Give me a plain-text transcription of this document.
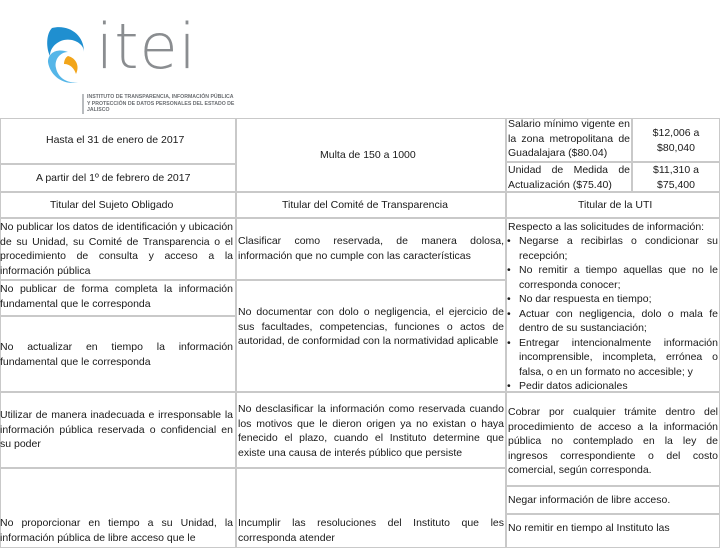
itei
INSTITUTO DE TRANSPARENCIA, INFORMACIÓN PÚBLICA Y PROTECCIÓN DE DATOS PERSONALES DEL ESTADO DE JALISCO
Hasta el 31 de enero de 2017
A partir del 1º de febrero de 2017
Multa de 150 a 1000
Salario mínimo vigente en la zona metropolitana de Guadalajara ($80.04)
$12,006 a $80,040
Unidad de Medida de Actualización ($75.40)
$11,310 a $75,400
Titular del Sujeto Obligado	Titular del Comité de Transparencia	Titular de la UTI
No publicar los datos de identificación y ubicación de su Unidad, su Comité de Transparencia o el procedimiento de consulta y acceso a la información pública
No publicar de forma completa la información fundamental que le corresponda
No actualizar en tiempo la información fundamental que le corresponda
Utilizar de manera inadecuada e irresponsable la información pública reservada o confidencial en su poder
No proporcionar en tiempo a su Unidad, la información pública de libre acceso que le
Clasificar como reservada, de manera dolosa, información que no cumple con las características
No documentar con dolo o negligencia, el ejercicio de sus facultades, competencias, funciones o actos de autoridad, de conformidad con la normatividad aplicable
No desclasificar la información como reservada cuando los motivos que le dieron origen ya no existan o haya fenecido el plazo, cuando el Instituto determine que existe una causa de interés público que persiste
Incumplir las resoluciones del Instituto que les corresponda atender
Respecto a las solicitudes de información:
• Negarse a recibirlas o condicionar su recepción;
• No remitir a tiempo aquellas que no le corresponda conocer;
• No dar respuesta en tiempo;
• Actuar con negligencia, dolo o mala fe dentro de su sustanciación;
• Entregar intencionalmente información incomprensible, incompleta, errónea o falsa, o en un formato no accesible; y
• Pedir datos adicionales
Cobrar por cualquier trámite dentro del procedimiento de acceso a la información pública no contemplado en la ley de ingresos correspondiente o del costo comercial, según corresponda.
Negar información de libre acceso.
No remitir en tiempo al Instituto las
